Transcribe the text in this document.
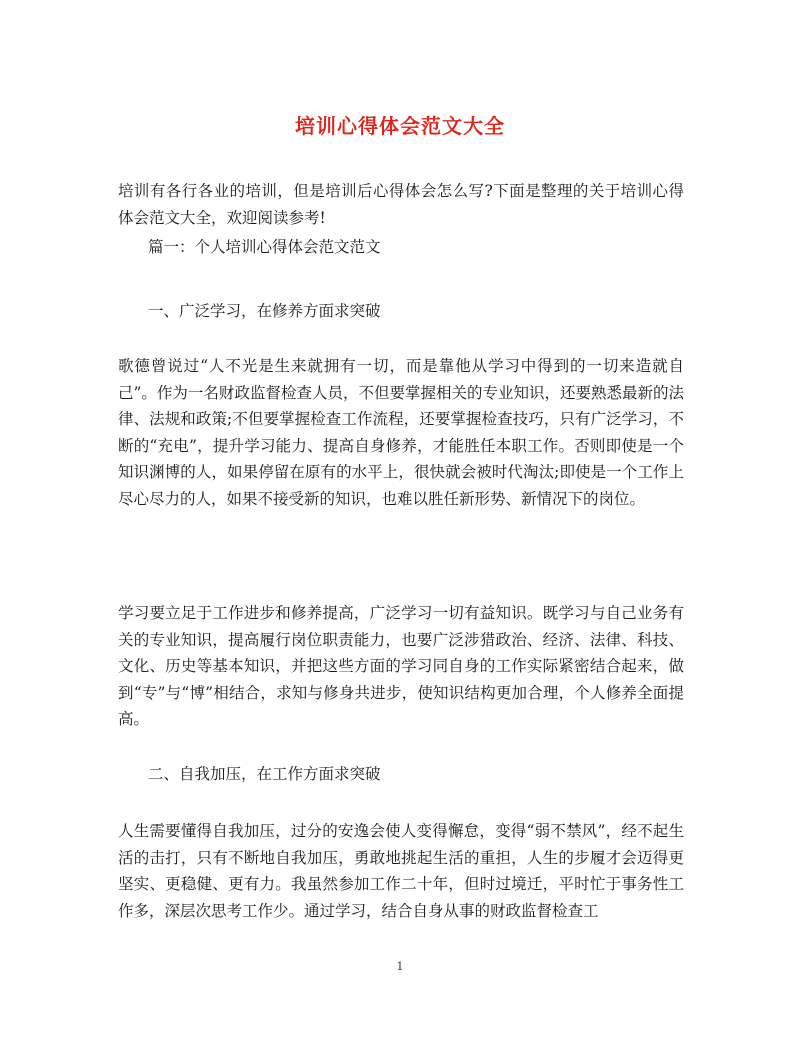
培训心得体会范文大全
培训有各行各业的培训，但是培训后心得体会怎么写?下面是整理的关于培训心得体会范文大全，欢迎阅读参考!
篇一：个人培训心得体会范文范文
一、广泛学习，在修养方面求突破
歌德曾说过“人不光是生来就拥有一切，而是靠他从学习中得到的一切来造就自己”。作为一名财政监督检查人员，不但要掌握相关的专业知识，还要熟悉最新的法律、法规和政策;不但要掌握检查工作流程，还要掌握检查技巧，只有广泛学习，不断的“充电”，提升学习能力、提高自身修养，才能胜任本职工作。否则即使是一个知识渊博的人，如果停留在原有的水平上，很快就会被时代淘汰;即使是一个工作上尽心尽力的人，如果不接受新的知识，也难以胜任新形势、新情况下的岗位。
学习要立足于工作进步和修养提高，广泛学习一切有益知识。既学习与自己业务有关的专业知识，提高履行岗位职责能力，也要广泛涉猎政治、经济、法律、科技、文化、历史等基本知识，并把这些方面的学习同自身的工作实际紧密结合起来，做到“专”与“博”相结合，求知与修身共进步，使知识结构更加合理，个人修养全面提高。
二、自我加压，在工作方面求突破
人生需要懂得自我加压，过分的安逸会使人变得懈怠，变得“弱不禁风”，经不起生活的击打，只有不断地自我加压，勇敢地挑起生活的重担，人生的步履才会迈得更坚实、更稳健、更有力。我虽然参加工作二十年，但时过境迁，平时忙于事务性工作多，深层次思考工作少。通过学习，结合自身从事的财政监督检查工
1
